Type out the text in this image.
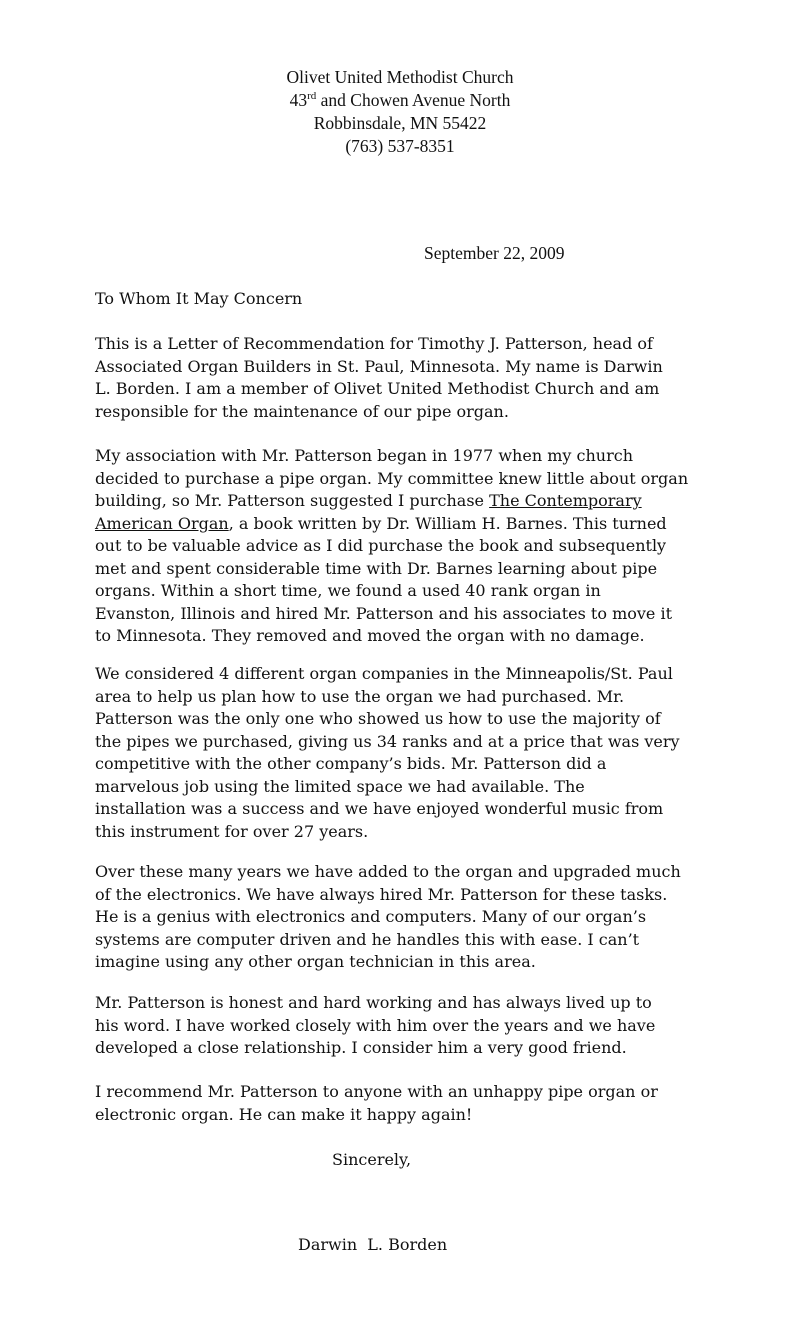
Olivet United Methodist Church
43rd and Chowen Avenue North
Robbinsdale, MN 55422
(763) 537-8351
September 22, 2009
To Whom It May Concern
This is a Letter of Recommendation for Timothy J. Patterson, head of
Associated Organ Builders in St. Paul, Minnesota. My name is Darwin
L. Borden. I am a member of Olivet United Methodist Church and am
responsible for the maintenance of our pipe organ.
My association with Mr. Patterson began in 1977 when my church
decided to purchase a pipe organ. My committee knew little about organ
building, so Mr. Patterson suggested I purchase The Contemporary
American Organ, a book written by Dr. William H. Barnes. This turned
out to be valuable advice as I did purchase the book and subsequently
met and spent considerable time with Dr. Barnes learning about pipe
organs. Within a short time, we found a used 40 rank organ in
Evanston, Illinois and hired Mr. Patterson and his associates to move it
to Minnesota. They removed and moved the organ with no damage.
We considered 4 different organ companies in the Minneapolis/St. Paul
area to help us plan how to use the organ we had purchased. Mr.
Patterson was the only one who showed us how to use the majority of
the pipes we purchased, giving us 34 ranks and at a price that was very
competitive with the other company’s bids. Mr. Patterson did a
marvelous job using the limited space we had available. The
installation was a success and we have enjoyed wonderful music from
this instrument for over 27 years.
Over these many years we have added to the organ and upgraded much
of the electronics. We have always hired Mr. Patterson for these tasks.
He is a genius with electronics and computers. Many of our organ’s
systems are computer driven and he handles this with ease. I can’t
imagine using any other organ technician in this area.
Mr. Patterson is honest and hard working and has always lived up to
his word. I have worked closely with him over the years and we have
developed a close relationship. I consider him a very good friend.
I recommend Mr. Patterson to anyone with an unhappy pipe organ or
electronic organ. He can make it happy again!
Sincerely,
Darwin  L. Borden
